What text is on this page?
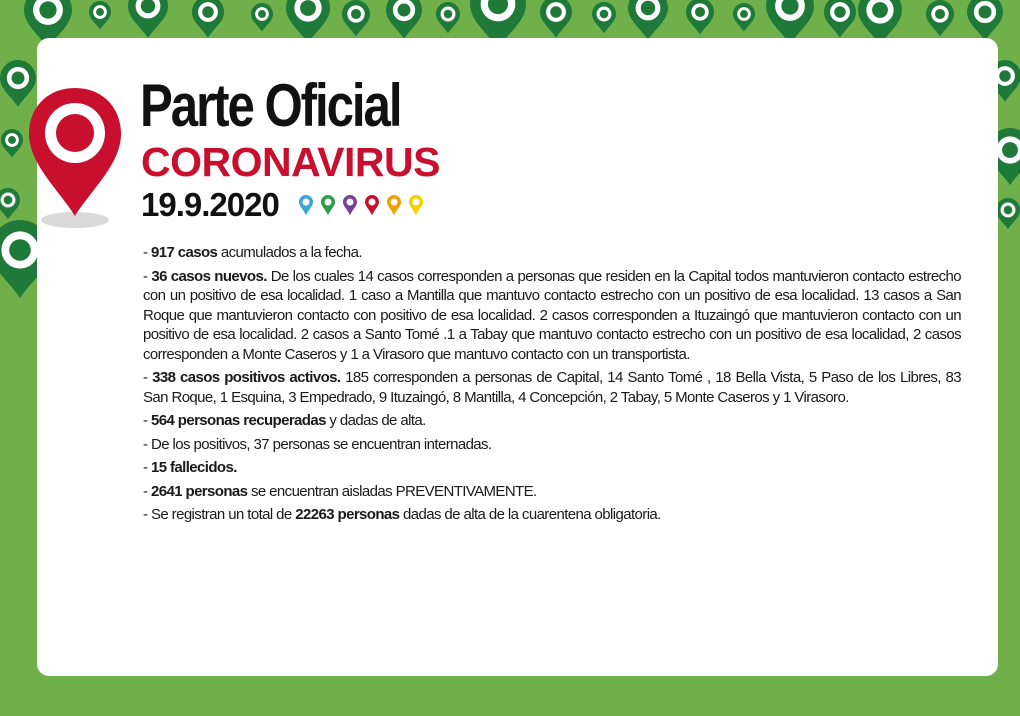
Parte Oficial
CORONAVIRUS
19.9.2020

- 917 casos acumulados a la fecha.

- 36 casos nuevos. De los cuales 14 casos corresponden a personas que residen en la Capital todos mantuvieron contacto estrecho con un positivo de esa localidad. 1 caso a Mantilla que mantuvo contacto estrecho con un positivo de esa localidad. 13 casos a San Roque que mantuvieron contacto con positivo de esa localidad. 2 casos corresponden a Ituzaingó que mantuvieron contacto con un positivo de esa localidad. 2 casos a Santo Tomé .1 a Tabay que mantuvo contacto estrecho con un positivo de esa localidad, 2 casos corresponden a Monte Caseros y 1 a Virasoro que mantuvo contacto con un transportista.

- 338 casos positivos activos. 185 corresponden a personas de Capital, 14 Santo Tomé , 18 Bella Vista, 5 Paso de los Libres, 83 San Roque, 1 Esquina, 3 Empedrado, 9 Ituzaingó, 8 Mantilla, 4 Concepción, 2 Tabay, 5 Monte Caseros y 1 Virasoro.

- 564 personas recuperadas y dadas de alta.

- De los positivos, 37 personas se encuentran internadas.

- 15 fallecidos.

- 2641 personas se encuentran aisladas PREVENTIVAMENTE.

- Se registran un total de 22263 personas dadas de alta de la cuarentena obligatoria.
